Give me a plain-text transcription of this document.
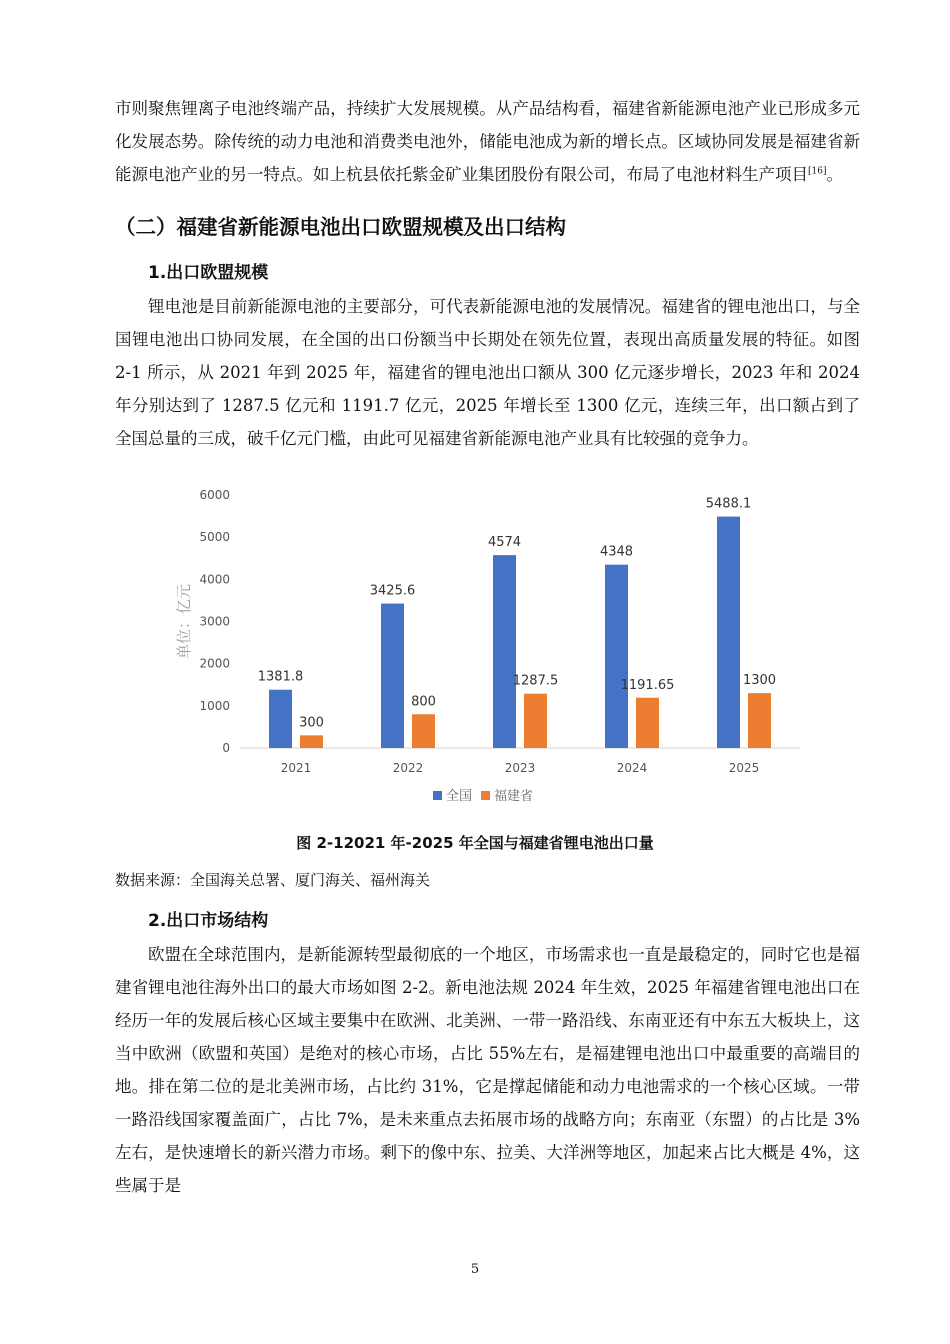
市则聚焦锂离子电池终端产品，持续扩大发展规模。从产品结构看，福建省新能源电池产业已形成多元化发展态势。除传统的动力电池和消费类电池外，储能电池成为新的增长点。区域协同发展是福建省新能源电池产业的另一特点。如上杭县依托紫金矿业集团股份有限公司，布局了电池材料生产项目[16]。

（二）福建省新能源电池出口欧盟规模及出口结构
1.出口欧盟规模

锂电池是目前新能源电池的主要部分，可代表新能源电池的发展情况。福建省的锂电池出口，与全国锂电池出口协同发展，在全国的出口份额当中长期处在领先位置，表现出高质量发展的特征。如图 2-1 所示，从 2021 年到 2025 年，福建省的锂电池出口额从 300 亿元逐步增长，2023 年和 2024 年分别达到了 1287.5 亿元和 1191.7 亿元，2025 年增长至 1300 亿元，连续三年，出口额占到了全国总量的三成，破千亿元门槛，由此可见福建省新能源电池产业具有比较强的竞争力。

0
1000
2000
3000
4000
5000
6000
单位：亿元
1381.8
300
2021
3425.6
800
2022
4574
1287.5
2023
4348
1191.65
2024
5488.1
1300
2025
全国 福建省
图 2-12021 年-2025 年全国与福建省锂电池出口量
数据来源：全国海关总署、厦门海关、福州海关
2.出口市场结构

欧盟在全球范围内，是新能源转型最彻底的一个地区，市场需求也一直是最稳定的，同时它也是福建省锂电池往海外出口的最大市场如图 2-2。新电池法规 2024 年生效，2025 年福建省锂电池出口在经历一年的发展后核心区域主要集中在欧洲、北美洲、一带一路沿线、东南亚还有中东五大板块上，这当中欧洲（欧盟和英国）是绝对的核心市场，占比 55%左右，是福建锂电池出口中最重要的高端目的地。排在第二位的是北美洲市场，占比约 31%，它是撑起储能和动力电池需求的一个核心区域。一带一路沿线国家覆盖面广，占比 7%，是未来重点去拓展市场的战略方向；东南亚（东盟）的占比是 3%左右，是快速增长的新兴潜力市场。剩下的像中东、拉美、大洋洲等地区，加起来占比大概是 4%，这些属于是

5
